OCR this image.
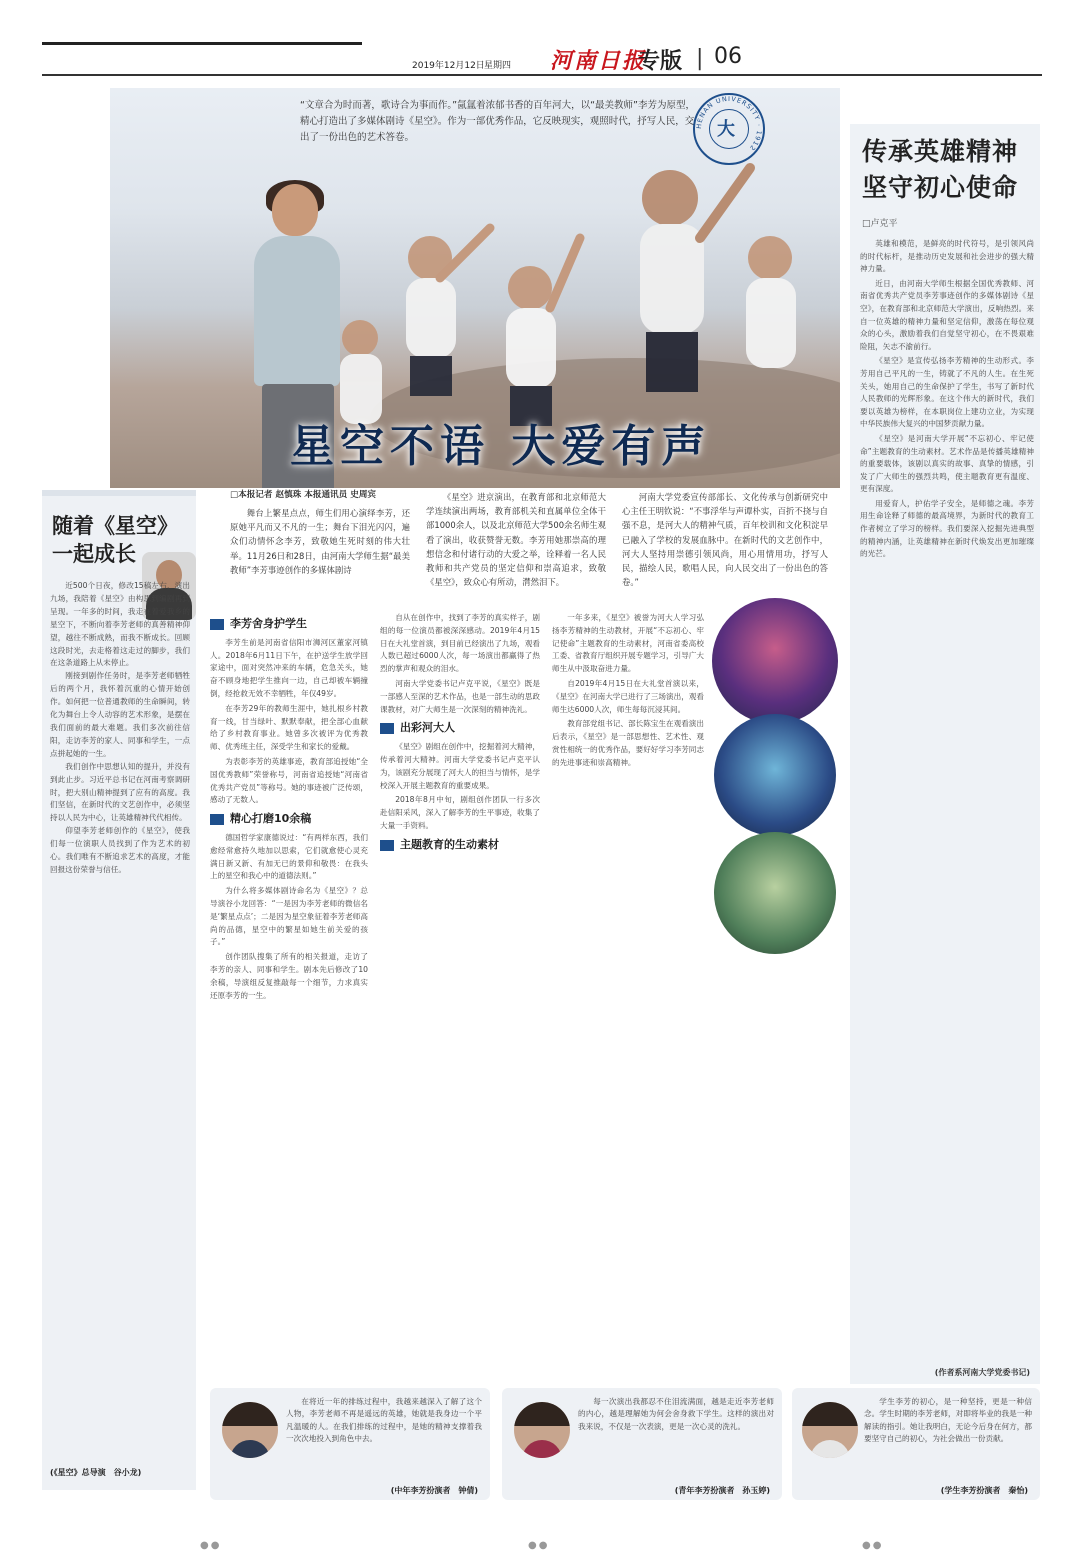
2019年12月12日 星期四 河南日报
专版 | 06

“文章合为时而著，歌诗合为事而作。”氤氲着浓郁书香的百年河大，以“最美教师”李芳为原型，精心打造出了多媒体剧诗《星空》。作为一部优秀作品，它反映现实，观照时代，抒写人民，交出了一份出色的艺术答卷。

HENAN UNIVERSITY · 1912
大
星空不语 大爱有声
□本报记者 赵慎珠 本报通讯员 史周宾

舞台上繁星点点，师生们用心演绎李芳，还原她平凡而又不凡的一生；舞台下泪光闪闪，遍众们动情怀念李芳，致敬她生死时刻的伟大壮举。11月26日和28日，由河南大学师生据“最美教师”李芳事迹创作的多媒体剧诗

《星空》进京演出，在教育部和北京师范大学连续演出两场，教育部机关和直属单位全体干部1000余人，以及北京师范大学500余名师生观看了演出，收获赞誉无数。李芳用她那崇高的理想信念和付诸行动的大爱之举，诠释着一名人民教师和共产党员的坚定信仰和崇高追求，致敬《星空》，致众心有所动，潸然泪下。

河南大学党委宣传部部长、文化传承与创新研究中心主任王明钦说：“不事浮华与声谭朴实，百折不挠与自强不息，是河大人的精神气质，百年校训和文化积淀早已融入了学校的发展血脉中。在新时代的文艺创作中，河大人坚持用崇德引领风尚，用心用情用功，抒写人民，描绘人民，歌唱人民，向人民交出了一份出色的答卷。”

随着《星空》
一起成长

近500个日夜，修改15稿左右，演出九场，我陪着《星空》由构思到编剧再到呈现。一年多的时间，我走在着爱我乡的星空下，不断向着李芳老师的真善精神仰望，越往不断成熟，而我不断成长。回顾这段时光，去走格着这走过的脚步，我们在这条道路上从未停止。

刚接到剧作任务时，是李芳老师牺牲后的两个月，我怀着沉重的心情开始创作。如何把一位普通教师的生命瞬间，转化为舞台上令人动容的艺术形象，是摆在我们面前的最大难题。我们多次前往信阳，走访李芳的家人、同事和学生，一点点拼起她的一生。

我们创作中思想认知的提升，并没有到此止步。习近平总书记在河南考察调研时，把大别山精神提到了应有的高度。我们坚信，在新时代的文艺创作中，必须坚持以人民为中心，让英雄精神代代相传。

仰望李芳老师创作的《星空》，使我们每一位演职人员找到了作为艺术的初心。我们唯有不断追求艺术的高度，才能回报这份荣誉与信任。

(《星空》总导演　谷小龙)
李芳舍身护学生

李芳生前是河南省信阳市浉河区董家河镇人。2018年6月11日下午，在护送学生放学回家途中，面对突然冲来的车辆，危急关头，她奋不顾身地把学生推向一边，自己却被车辆撞倒，经抢救无效不幸牺牲，年仅49岁。

在李芳29年的教师生涯中，她扎根乡村教育一线，甘当绿叶、默默奉献，把全部心血献给了乡村教育事业。她曾多次被评为优秀教师、优秀班主任，深受学生和家长的爱戴。

为表彰李芳的英雄事迹，教育部追授她“全国优秀教师”荣誉称号，河南省追授她“河南省优秀共产党员”等称号。她的事迹被广泛传颂，感动了无数人。

精心打磨10余稿

德国哲学家康德说过：“有两样东西，我们愈经常愈持久地加以思索，它们就愈使心灵充满日新又新、有加无已的景仰和敬畏：在我头上的星空和我心中的道德法则。”

为什么将多媒体剧诗命名为《星空》？总导演谷小龙回答：“一是因为李芳老师的微信名是‘繁星点点’；二是因为星空象征着李芳老师高尚的品德，星空中的繁星如她生前关爱的孩子。”

创作团队搜集了所有的相关报道，走访了李芳的亲人、同事和学生。剧本先后修改了10余稿，导演组反复推敲每一个细节，力求真实还原李芳的一生。

自从在创作中，找到了李芳的真实样子，剧组的每一位演员都被深深感动。2019年4月15日在大礼堂首演，到目前已经演出了九场，观看人数已超过6000人次，每一场演出都赢得了热烈的掌声和观众的泪水。

河南大学党委书记卢克平说，《星空》既是一部感人至深的艺术作品，也是一部生动的思政课教材，对广大师生是一次深刻的精神洗礼。

出彩河大人

《星空》剧组在创作中，挖掘着河大精神，传承着河大精神。河南大学党委书记卢克平认为，该剧充分展现了河大人的担当与情怀，是学校深入开展主题教育的重要成果。

2018年8月中旬，剧组创作团队一行多次赴信阳采风，深入了解李芳的生平事迹，收集了大量一手资料。

主题教育的生动素材

一年多来，《星空》被誉为河大人学习弘扬李芳精神的生动教材，开展“不忘初心、牢记使命”主题教育的生动素材，河南省委高校工委、省教育厅组织开展专题学习，引导广大师生从中汲取奋进力量。

自2019年4月15日在大礼堂首演以来，《星空》在河南大学已进行了三场演出，观看师生达6000人次，师生每每沉浸其间。

教育部党组书记、部长陈宝生在观看演出后表示，《星空》是一部思想性、艺术性、观赏性相统一的优秀作品，要好好学习李芳同志的先进事迹和崇高精神。

传承英雄精神
坚守初心使命
□卢克平

英雄和模范，是鲜亮的时代符号，是引领风尚的时代标杆，是推动历史发展和社会进步的强大精神力量。

近日，由河南大学师生根据全国优秀教师、河南省优秀共产党员李芳事迹创作的多媒体剧诗《星空》，在教育部和北京师范大学演出，反响热烈。来自一位英雄的精神力量和坚定信仰，激荡在每位观众的心头，激励着我们自觉坚守初心，在不畏艰难险阻，矢志不渝前行。

《星空》是宣传弘扬李芳精神的生动形式。李芳用自己平凡的一生，铸就了不凡的人生。在生死关头，她用自己的生命保护了学生，书写了新时代人民教师的光辉形象。在这个伟大的新时代，我们要以英雄为榜样，在本职岗位上建功立业，为实现中华民族伟大复兴的中国梦贡献力量。

《星空》是河南大学开展“不忘初心、牢记使命”主题教育的生动素材。艺术作品是传播英雄精神的重要载体，该剧以真实的故事、真挚的情感，引发了广大师生的强烈共鸣，使主题教育更有温度、更有深度。

用爱育人，护佑学子安全，是师德之魂。李芳用生命诠释了师德的最高境界，为新时代的教育工作者树立了学习的榜样。我们要深入挖掘先进典型的精神内涵，让英雄精神在新时代焕发出更加璀璨的光芒。

(作者系河南大学党委书记)

在将近一年的排练过程中，我越来越深入了解了这个人物，李芳老师不再是遥远的英雄，她就是我身边一个平凡温暖的人。在我们排练的过程中，是她的精神支撑着我一次次地投入到角色中去。

(中年李芳扮演者　钟倩)

每一次演出我都忍不住泪流满面，越是走近李芳老师的内心，越是理解她为何会舍身救下学生。这样的演出对我来说，不仅是一次表演，更是一次心灵的洗礼。

(青年李芳扮演者　孙玉婷)

学生李芳的初心，是一种坚持，更是一种信念。学生时期的李芳老师，对即将毕业的我是一种解读的指引。她让我明白，无论今后身在何方，都要坚守自己的初心，为社会做出一份贡献。

(学生李芳扮演者　秦怡)
●●	●●	●●
